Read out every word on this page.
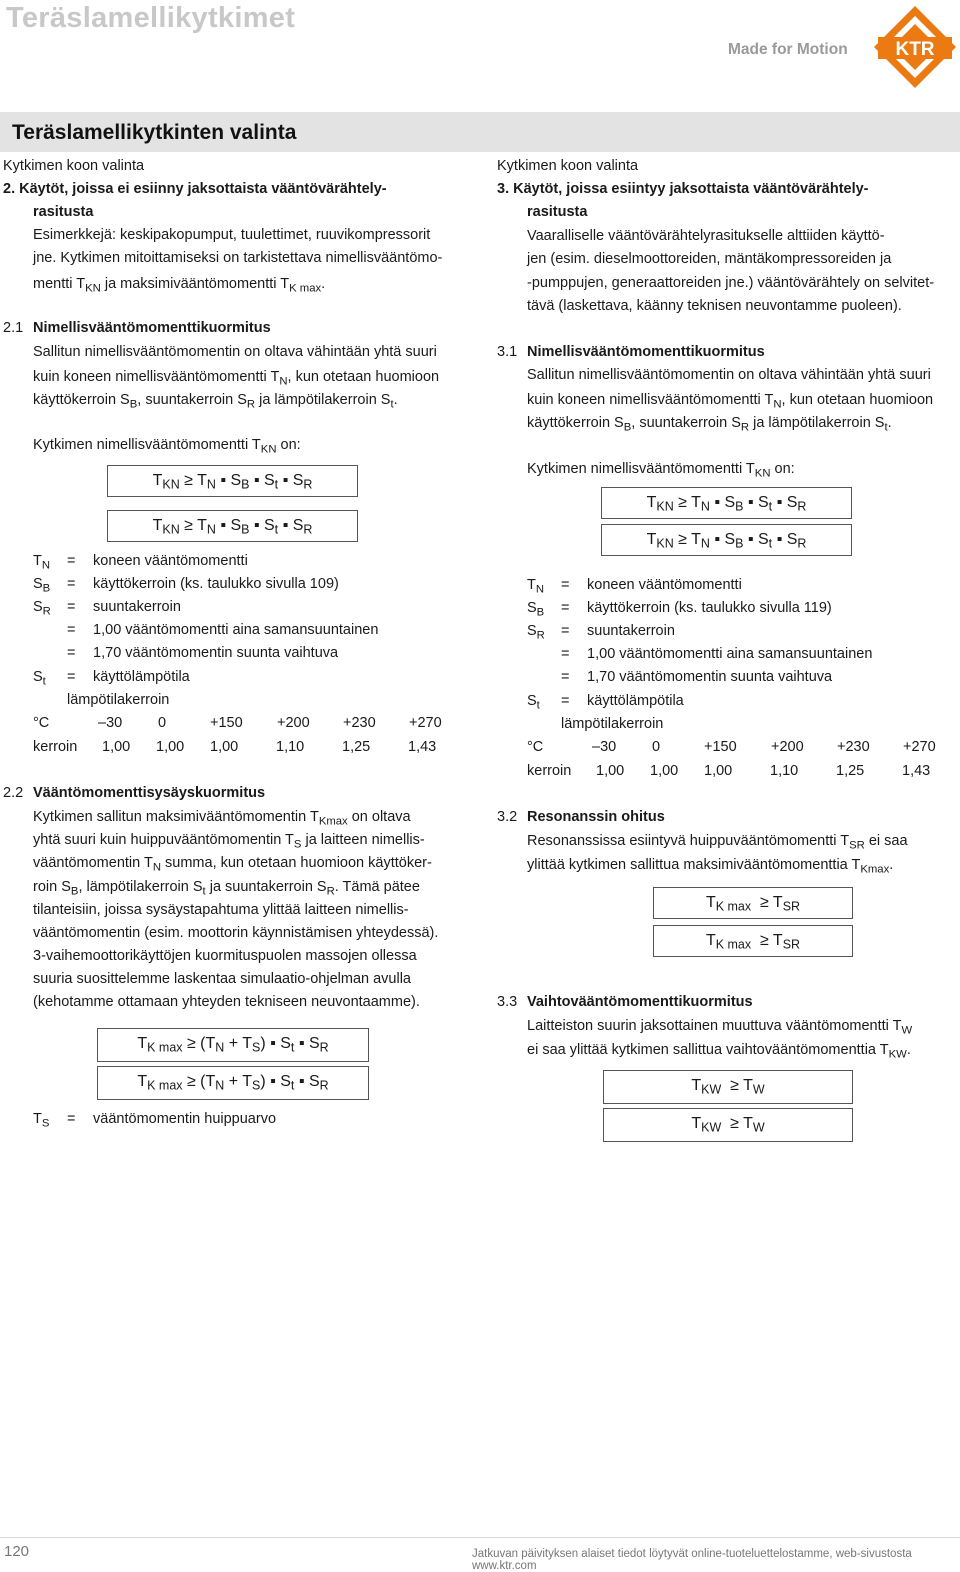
Teräslamellikytkimet
Made for Motion	KTR
Teräslamellikytkinten valinta
Kytkimen koon valinta
2. Käytöt, joissa ei esiinny jaksottaista vääntövärähtely-
rasitusta
Esimerkkejä: keskipakopumput, tuulettimet, ruuvikompressorit
jne. Kytkimen mitoittamiseksi on tarkistettava nimellisvääntömo-
mentti $T_{KN}$ ja maksimivääntömomentti $T_{K max}$.
2.1 Nimellisvääntömomenttikuormitus
Sallitun nimellisvääntömomentin on oltava vähintään yhtä suuri
kuin koneen nimellisvääntömomentti $T_N$, kun otetaan huomioon
käyttökerroin $S_B$, suuntakerroin $S_R$ ja lämpötilakerroin $S_t$.
Kytkimen nimellisvääntömomentti $T_{KN}$ on:
$T_{KN} \ge T_N$ ▪ $S_B$ ▪ $S_t$ ▪ $S_R$
$T_{KN} \ge T_N$ ▪ $S_B$ ▪ $S_t$ ▪ $S_R$
$T_N$ = koneen vääntömomentti
$S_B$ = käyttökerroin (ks. taulukko sivulla 109)
$S_R$ = suuntakerroin
= 1,00 vääntömomentti aina samansuuntainen
= 1,70 vääntömomentin suunta vaihtuva
$S_t$ = käyttölämpötila
lämpötilakerroin
°C	–30 0	+150 +200 +230 +270
kerroin 1,00 1,00 1,00	1,10	1,25	1,43
2.2 Vääntömomenttisysäyskuormitus
Kytkimen sallitun maksimivääntömomentin $T_{Kmax}$ on oltava
yhtä suuri kuin huippuvääntömomentin $T_S$ ja laitteen nimellis-
vääntömomentin $T_N$ summa, kun otetaan huomioon käyttöker-
roin $S_B$, lämpötilakerroin $S_t$ ja suuntakerroin $S_R$. Tämä pätee
tilanteisiin, joissa sysäystapahtuma ylittää laitteen nimellis-
vääntömomentin (esim. moottorin käynnistämisen yhteydessä).
3-vaihemoottorikäyttöjen kuormituspuolen massojen ollessa
suuria suosittelemme laskentaa simulaatio-ohjelman avulla
(kehotamme ottamaan yhteyden tekniseen neuvontaamme).
$T_{K max} \ge (T_N + T_S)$ ▪ $S_t$ ▪ $S_R$
$T_{K max} \ge (T_N + T_S)$ ▪ $S_t$ ▪ $S_R$
$T_S$ = vääntömomentin huippuarvo
Kytkimen koon valinta
3. Käytöt, joissa esiintyy jaksottaista vääntövärähtely-
rasitusta
Vaaralliselle vääntövärähtelyrasitukselle alttiiden käyttö-
jen (esim. dieselmoottoreiden, mäntäkompressoreiden ja
-pumppujen, generaattoreiden jne.) vääntövärähtely on selvitet-
tävä (laskettava, käänny teknisen neuvontamme puoleen).
3.1 Nimellisvääntömomenttikuormitus
Sallitun nimellisvääntömomentin on oltava vähintään yhtä suuri
kuin koneen nimellisvääntömomentti $T_N$, kun otetaan huomioon
käyttökerroin $S_B$, suuntakerroin $S_R$ ja lämpötilakerroin $S_t$.
Kytkimen nimellisvääntömomentti $T_{KN}$ on:
$T_{KN} \ge T_N$ ▪ $S_B$ ▪ $S_t$ ▪ $S_R$
$T_{KN} \ge T_N$ ▪ $S_B$ ▪ $S_t$ ▪ $S_R$
$T_N$ = koneen vääntömomentti
$S_B$ = käyttökerroin (ks. taulukko sivulla 119)
$S_R$ = suuntakerroin
= 1,00 vääntömomentti aina samansuuntainen
= 1,70 vääntömomentin suunta vaihtuva
$S_t$ = käyttölämpötila
lämpötilakerroin
°C	–30 0	+150 +200 +230 +270
kerroin 1,00 1,00 1,00	1,10	1,25	1,43
3.2 Resonanssin ohitus
Resonanssissa esiintyvä huippuvääntömomentti $T_{SR}$ ei saa
ylittää kytkimen sallittua maksimivääntömomenttia $T_{Kmax}$.
$T_{K max} \ge T_{SR}$
$T_{K max} \ge T_{SR}$
3.3 Vaihtovääntömomenttikuormitus
Laitteiston suurin jaksottainen muuttuva vääntömomentti $T_W$
ei saa ylittää kytkimen sallittua vaihtovääntömomenttia $T_{KW}$.
$T_{KW} \ge T_W$
$T_{KW} \ge T_W$
120	Jatkuvan päivityksen alaiset tiedot löytyvät online-tuoteluettelostamme, web-sivustosta www.ktr.com
